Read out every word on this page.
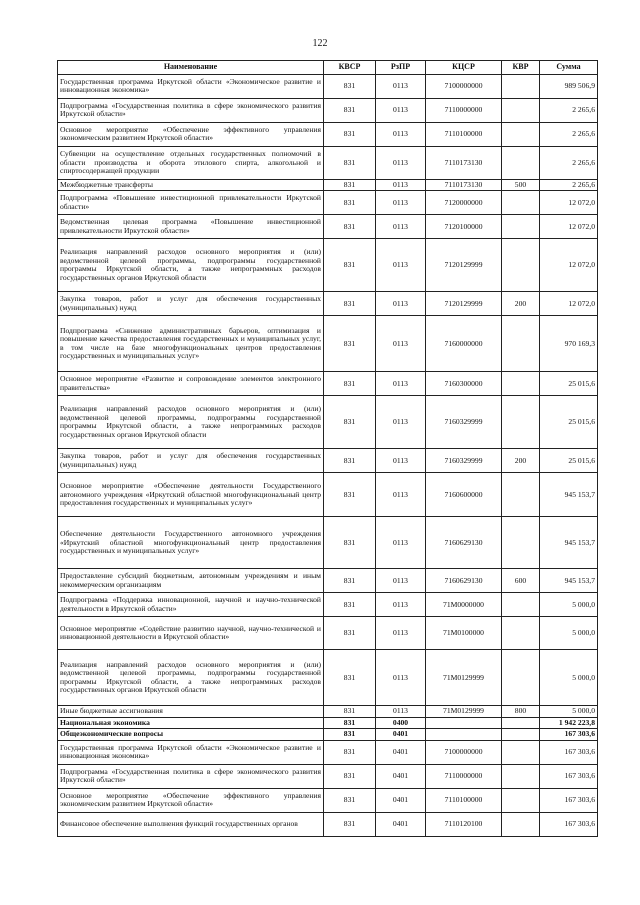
122
Наименование	КВСР	РзПР	КЦСР	КВР	Сумма
Государственная программа Иркутской области «Экономическое развитие и инновационная экономика»	831	0113	7100000000		989 506,9
Подпрограмма «Государственная политика в сфере экономического развития Иркутской области»	831	0113	7110000000		2 265,6
Основное мероприятие «Обеспечение эффективного управления экономическим развитием Иркутской области»	831	0113	7110100000		2 265,6
Субвенции на осуществление отдельных государственных полномочий в области производства и оборота этилового спирта, алкогольной и спиртосодержащей продукции	831	0113	7110173130		2 265,6
Межбюджетные трансферты	831	0113	7110173130	500	2 265,6
Подпрограмма «Повышение инвестиционной привлекательности Иркутской области»	831	0113	7120000000		12 072,0
Ведомственная целевая программа «Повышение инвестиционной привлекательности Иркутской области»	831	0113	7120100000		12 072,0
Реализация направлений расходов основного мероприятия и (или) ведомственной целевой программы, подпрограммы государственной программы Иркутской области, а также непрограммных расходов государственных органов Иркутской области	831	0113	7120129999		12 072,0
Закупка товаров, работ и услуг для обеспечения государственных (муниципальных) нужд	831	0113	7120129999	200	12 072,0
Подпрограмма «Снижение административных барьеров, оптимизация и повышение качества предоставления государственных и муниципальных услуг, в том числе на базе многофункциональных центров предоставления государственных и муниципальных услуг»	831	0113	7160000000		970 169,3
Основное мероприятие «Развитие и сопровождение элементов электронного правительства»	831	0113	7160300000		25 015,6
Реализация направлений расходов основного мероприятия и (или) ведомственной целевой программы, подпрограммы государственной программы Иркутской области, а также непрограммных расходов государственных органов Иркутской области	831	0113	7160329999		25 015,6
Закупка товаров, работ и услуг для обеспечения государственных (муниципальных) нужд	831	0113	7160329999	200	25 015,6
Основное мероприятие «Обеспечение деятельности Государственного автономного учреждения «Иркутский областной многофункциональный центр предоставления государственных и муниципальных услуг»	831	0113	7160600000		945 153,7
Обеспечение деятельности Государственного автономного учреждения «Иркутский областной многофункциональный центр предоставления государственных и муниципальных услуг»	831	0113	7160629130		945 153,7
Предоставление субсидий бюджетным, автономным учреждениям и иным некоммерческим организациям	831	0113	7160629130	600	945 153,7
Подпрограмма «Поддержка инновационной, научной и научно-технической деятельности в Иркутской области»	831	0113	71М0000000		5 000,0
Основное мероприятие «Содействие развитию научной, научно-технической и инновационной деятельности в Иркутской области»	831	0113	71М0100000		5 000,0
Реализация направлений расходов основного мероприятия и (или) ведомственной целевой программы, подпрограммы государственной программы Иркутской области, а также непрограммных расходов государственных органов Иркутской области	831	0113	71М0129999		5 000,0
Иные бюджетные ассигнования	831	0113	71М0129999	800	5 000,0
Национальная экономика	831	0400			1 942 223,8
Общеэкономические вопросы	831	0401			167 303,6
Государственная программа Иркутской области «Экономическое развитие и инновационная экономика»	831	0401	7100000000		167 303,6
Подпрограмма «Государственная политика в сфере экономического развития Иркутской области»	831	0401	7110000000		167 303,6
Основное мероприятие «Обеспечение эффективного управления экономическим развитием Иркутской области»	831	0401	7110100000		167 303,6
Финансовое обеспечение выполнения функций государственных органов	831	0401	7110120100		167 303,6
